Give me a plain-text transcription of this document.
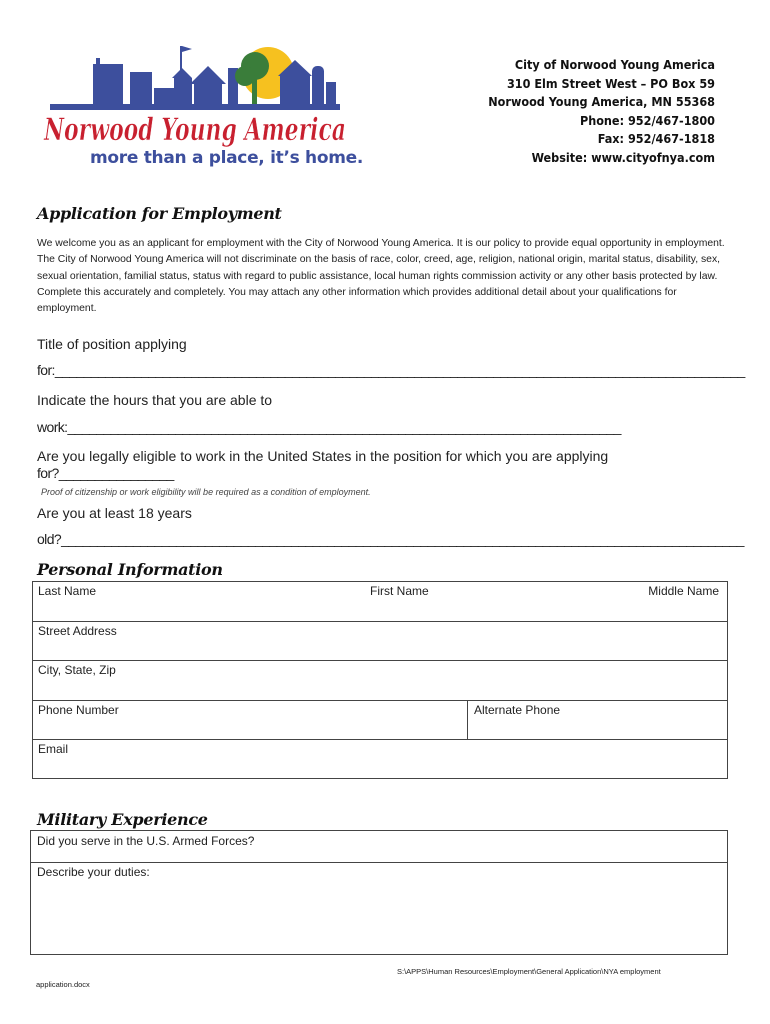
Norwood Young America
more than a place, it’s home.
City of Norwood Young America
310 Elm Street West – PO Box 59
Norwood Young America, MN 55368
Phone: 952/467-1800
Fax: 952/467-1818
Website: www.cityofnya.com
Application for Employment
We welcome you as an applicant for employment with the City of Norwood Young America. It is our policy to provide equal opportunity in employment. The City of Norwood Young America will not discriminate on the basis of race, color, creed, age, religion, national origin, marital status, disability, sex, sexual orientation, familial status, status with regard to public assistance, local human rights commission activity or any other basis protected by law. Complete this accurately and completely. You may attach any other information which provides additional detail about your qualifications for employment.
Title of position applying
for:________________________________________________________________________________________________
Indicate the hours that you are able to
work:_____________________________________________________________________________
Are you legally eligible to work in the United States in the position for which you are applying
for?________________
Proof of citizenship or work eligibility will be required as a condition of employment.
Are you at least 18 years
old?_______________________________________________________________________________________________
Personal Information
Last Name	First Name	Middle Name
Street Address
City, State, Zip
Phone Number	Alternate Phone
Email
Military Experience
Did you serve in the U.S. Armed Forces?
Describe your duties:
S:\APPS\Human Resources\Employment\General Application\NYA employment
application.docx
